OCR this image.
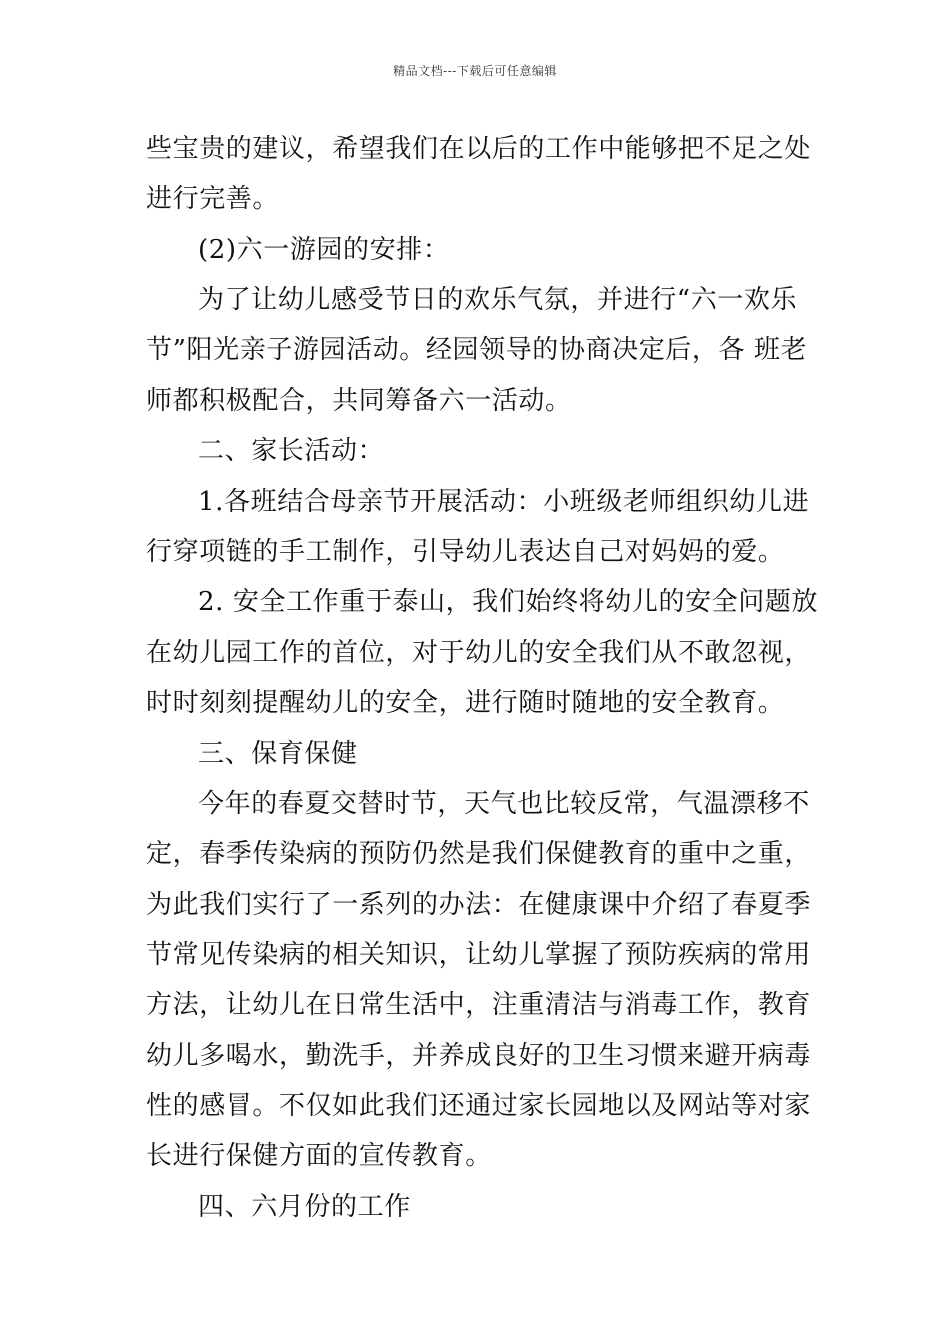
精品文档---下载后可任意编辑
些宝贵的建议，希望我们在以后的工作中能够把不足之处
进行完善。
(2)六一游园的安排：
为了让幼儿感受节日的欢乐气氛，并进行“六一欢乐
节”阳光亲子游园活动。经园领导的协商决定后，各 班老
师都积极配合，共同筹备六一活动。
二、家长活动：
1.各班结合母亲节开展活动：小班级老师组织幼儿进
行穿项链的手工制作，引导幼儿表达自己对妈妈的爱。
2. 安全工作重于泰山，我们始终将幼儿的安全问题放
在幼儿园工作的首位，对于幼儿的安全我们从不敢忽视，
时时刻刻提醒幼儿的安全，进行随时随地的安全教育。
三、保育保健
今年的春夏交替时节，天气也比较反常，气温漂移不
定，春季传染病的预防仍然是我们保健教育的重中之重，
为此我们实行了一系列的办法：在健康课中介绍了春夏季
节常见传染病的相关知识，让幼儿掌握了预防疾病的常用
方法，让幼儿在日常生活中，注重清洁与消毒工作，教育
幼儿多喝水，勤洗手，并养成良好的卫生习惯来避开病毒
性的感冒。不仅如此我们还通过家长园地以及网站等对家
长进行保健方面的宣传教育。
四、六月份的工作
